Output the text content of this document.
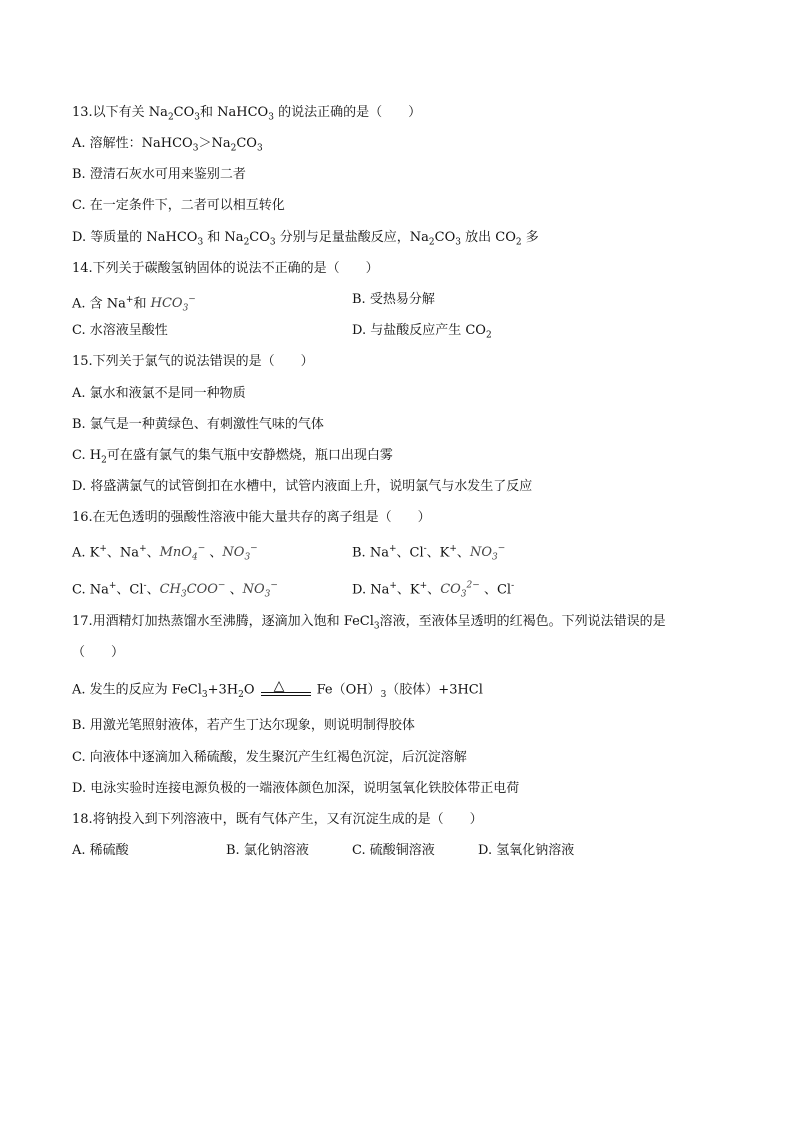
13.以下有关 $Na_2CO_3$和 NaHCO$_3$ 的说法正确的是（　　）
A. 溶解性：$NaHCO_3>Na_2CO_3$
B. 澄清石灰水可用来鉴别二者
C. 在一定条件下，二者可以相互转化
D. 等质量的 NaHCO$_3$ 和 $Na_2CO_3$ 分别与足量盐酸反应，$Na_2CO_3$ 放出 $CO_2$ 多
14.下列关于碳酸氢钠固体的说法不正确的是（　　）
A. 含 Na+和 $HCO_3^-$	B. 受热易分解
C. 水溶液呈酸性	D. 与盐酸反应产生 $CO_2$
15.下列关于氯气的说法错误的是（　　）
A. 氯水和液氯不是同一种物质
B. 氯气是一种黄绿色、有刺激性气味的气体
C. $H_2$可在盛有氯气的集气瓶中安静燃烧，瓶口出现白雾
D. 将盛满氯气的试管倒扣在水槽中，试管内液面上升，说明氯气与水发生了反应
16.在无色透明的强酸性溶液中能大量共存的离子组是（　　）
A. K+、Na+、MnO$_4$− 、$NO_3^-$	B. Na+、Cl-、K+、$NO_3^-$
C. Na+、Cl-、$CH_3COO^-$ 、$NO_3^-$	D. Na+、K+、$CO_3^{2-}$ 、Cl-
17.用酒精灯加热蒸馏水至沸腾，逐滴加入饱和 FeCl$_3$溶液，至液体呈透明的红褐色。下列说法错误的是
（　　）
A. 发生的反应为 $FeCl_3+3H_2O$ △ $Fe(OH)_3$（胶体）+3HCl
B. 用激光笔照射液体，若产生丁达尔现象，则说明制得胶体
C. 向液体中逐滴加入稀硫酸，发生聚沉产生红褐色沉淀，后沉淀溶解
D. 电泳实验时连接电源负极的一端液体颜色加深，说明氢氧化铁胶体带正电荷
18.将钠投入到下列溶液中，既有气体产生，又有沉淀生成的是（　　）
A. 稀硫酸	B. 氯化钠溶液	C. 硫酸铜溶液	D. 氢氧化钠溶液
